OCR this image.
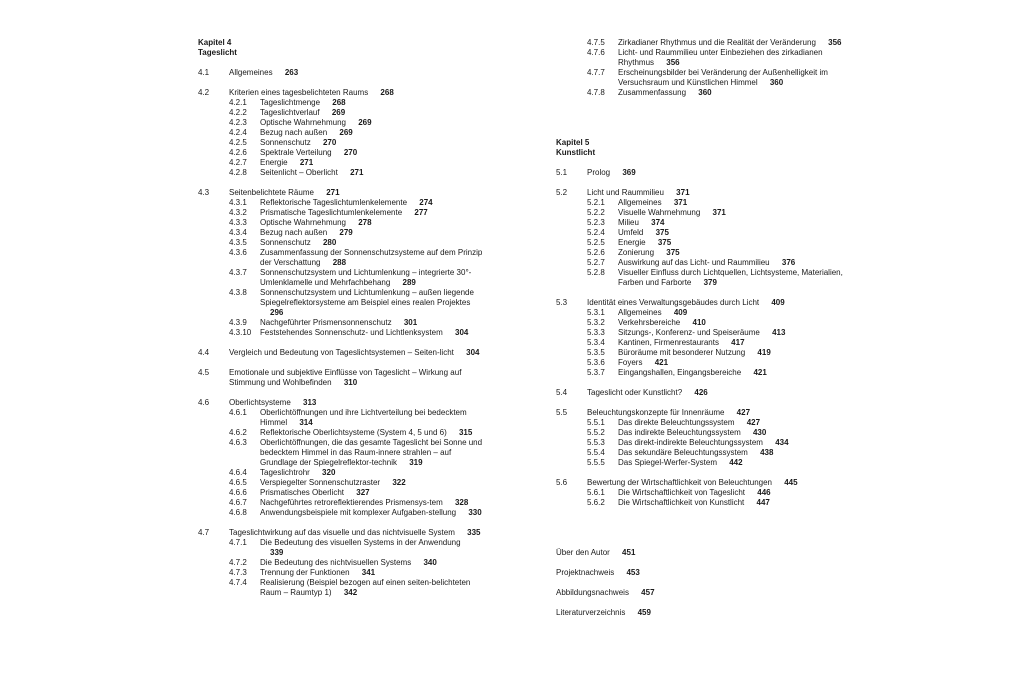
Kapitel 4
Tageslicht
4.1	Allgemeines 263
4.2	Kriterien eines tagesbelichteten Raums 268
4.2.1	Tageslichtmenge 268
4.2.2	Tageslichtverlauf 269
4.2.3	Optische Wahrnehmung 269
4.2.4	Bezug nach außen 269
4.2.5	Sonnenschutz 270
4.2.6	Spektrale Verteilung 270
4.2.7	Energie 271
4.2.8	Seitenlicht – Oberlicht 271
4.3	Seitenbelichtete Räume 271
4.3.1	Reflektorische Tageslichtumlenkelemente 274
4.3.2	Prismatische Tageslichtumlenkelemente 277
4.3.3	Optische Wahrnehmung 278
4.3.4	Bezug nach außen 279
4.3.5	Sonnenschutz 280
4.3.6	Zusammenfassung der Sonnenschutzsysteme auf dem Prinzip der Verschattung 288
4.3.7	Sonnenschutzsystem und Lichtumlenkung – integrierte 30°-Umlenklamelle und Mehrfachbehang 289
4.3.8	Sonnenschutzsystem und Lichtumlenkung – außen liegende Spiegelreflektorsysteme am Beispiel eines realen Projektes 296
4.3.9	Nachgeführter Prismensonnenschutz 301
4.3.10	Feststehendes Sonnenschutz- und Lichtlenksystem 304
4.4	Vergleich und Bedeutung von Tageslichtsystemen – Seiten-licht 304
4.5	Emotionale und subjektive Einflüsse von Tageslicht – Wirkung auf Stimmung und Wohlbefinden 310
4.6	Oberlichtsysteme 313
4.6.1	Oberlichtöffnungen und ihre Lichtverteilung bei bedecktem Himmel 314
4.6.2	Reflektorische Oberlichtsysteme (System 4, 5 und 6) 315
4.6.3	Oberlichtöffnungen, die das gesamte Tageslicht bei Sonne und bedecktem Himmel in das Raum-innere strahlen – auf Grundlage der Spiegelreflektor-technik 319
4.6.4	Tageslichtrohr 320
4.6.5	Verspiegelter Sonnenschutzraster 322
4.6.6	Prismatisches Oberlicht 327
4.6.7	Nachgeführtes retroreflektierendes Prismensys-tem 328
4.6.8	Anwendungsbeispiele mit komplexer Aufgaben-stellung 330
4.7	Tageslichtwirkung auf das visuelle und das nichtvisuelle System 335
4.7.1	Die Bedeutung des visuellen Systems in der Anwendung 339
4.7.2	Die Bedeutung des nichtvisuellen Systems 340
4.7.3	Trennung der Funktionen 341
4.7.4	Realisierung (Beispiel bezogen auf einen seiten-belichteten Raum – Raumtyp 1) 342
4.7.5	Zirkadianer Rhythmus und die Realität der Veränderung 356
4.7.6	Licht- und Raummilieu unter Einbeziehen des zirkadianen Rhythmus 356
4.7.7	Erscheinungsbilder bei Veränderung der Außenhelligkeit im Versuchsraum und Künstlichen Himmel 360
4.7.8	Zusammenfassung 360
Kapitel 5
Kunstlicht
5.1	Prolog 369
5.2	Licht und Raummilieu 371
5.2.1	Allgemeines 371
5.2.2	Visuelle Wahrnehmung 371
5.2.3	Milieu 374
5.2.4	Umfeld 375
5.2.5	Energie 375
5.2.6	Zonierung 375
5.2.7	Auswirkung auf das Licht- und Raummilieu 376
5.2.8	Visueller Einfluss durch Lichtquellen, Lichtsysteme, Materialien, Farben und Farborte 379
5.3	Identität eines Verwaltungsgebäudes durch Licht 409
5.3.1	Allgemeines 409
5.3.2	Verkehrsbereiche 410
5.3.3	Sitzungs-, Konferenz- und Speiseräume 413
5.3.4	Kantinen, Firmenrestaurants 417
5.3.5	Büroräume mit besonderer Nutzung 419
5.3.6	Foyers 421
5.3.7	Eingangshallen, Eingangsbereiche 421
5.4	Tageslicht oder Kunstlicht? 426
5.5	Beleuchtungskonzepte für Innenräume 427
5.5.1	Das direkte Beleuchtungssystem 427
5.5.2	Das indirekte Beleuchtungssystem 430
5.5.3	Das direkt-indirekte Beleuchtungssystem 434
5.5.4	Das sekundäre Beleuchtungssystem 438
5.5.5	Das Spiegel-Werfer-System 442
5.6	Bewertung der Wirtschaftlichkeit von Beleuchtungen 445
5.6.1	Die Wirtschaftlichkeit von Tageslicht 446
5.6.2	Die Wirtschaftlichkeit von Kunstlicht 447
Über den Autor 451
Projektnachweis 453
Abbildungsnachweis 457
Literaturverzeichnis 459
